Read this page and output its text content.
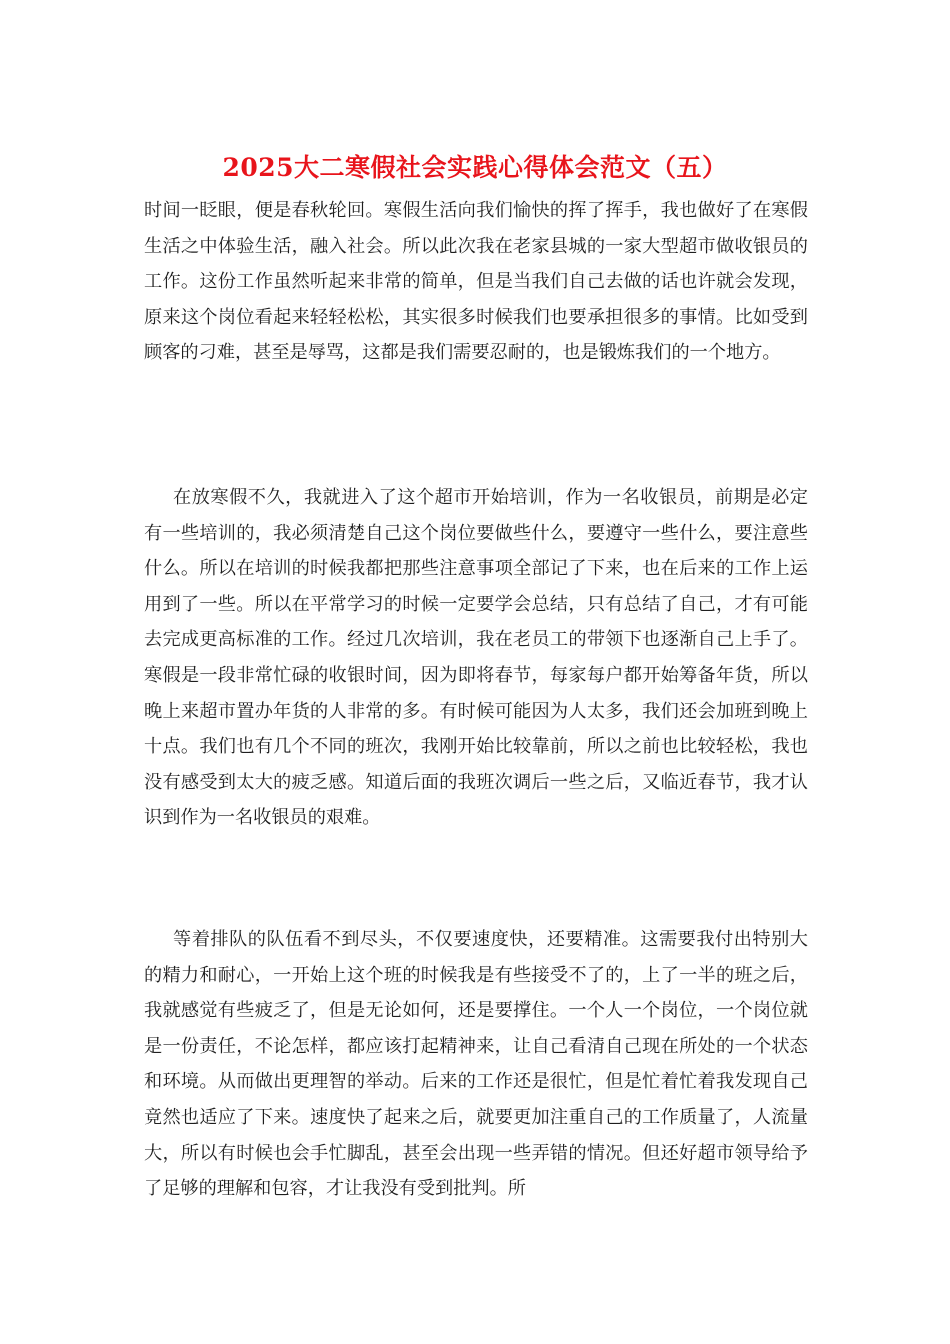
2025大二寒假社会实践心得体会范文（五）

时间一眨眼，便是春秋轮回。寒假生活向我们愉快的挥了挥手，我也做好了在寒假生活之中体验生活，融入社会。所以此次我在老家县城的一家大型超市做收银员的工作。这份工作虽然听起来非常的简单，但是当我们自己去做的话也许就会发现，原来这个岗位看起来轻轻松松，其实很多时候我们也要承担很多的事情。比如受到顾客的刁难，甚至是辱骂，这都是我们需要忍耐的，也是锻炼我们的一个地方。

在放寒假不久，我就进入了这个超市开始培训，作为一名收银员，前期是必定有一些培训的，我必须清楚自己这个岗位要做些什么，要遵守一些什么，要注意些什么。所以在培训的时候我都把那些注意事项全部记了下来，也在后来的工作上运用到了一些。所以在平常学习的时候一定要学会总结，只有总结了自己，才有可能去完成更高标准的工作。经过几次培训，我在老员工的带领下也逐渐自己上手了。寒假是一段非常忙碌的收银时间，因为即将春节，每家每户都开始筹备年货，所以晚上来超市置办年货的人非常的多。有时候可能因为人太多，我们还会加班到晚上十点。我们也有几个不同的班次，我刚开始比较靠前，所以之前也比较轻松，我也没有感受到太大的疲乏感。知道后面的我班次调后一些之后，又临近春节，我才认识到作为一名收银员的艰难。

等着排队的队伍看不到尽头，不仅要速度快，还要精准。这需要我付出特别大的精力和耐心，一开始上这个班的时候我是有些接受不了的，上了一半的班之后，我就感觉有些疲乏了，但是无论如何，还是要撑住。一个人一个岗位，一个岗位就是一份责任，不论怎样，都应该打起精神来，让自己看清自己现在所处的一个状态和环境。从而做出更理智的举动。后来的工作还是很忙，但是忙着忙着我发现自己竟然也适应了下来。速度快了起来之后，就要更加注重自己的工作质量了，人流量大，所以有时候也会手忙脚乱，甚至会出现一些弄错的情况。但还好超市领导给予了足够的理解和包容，才让我没有受到批判。所
